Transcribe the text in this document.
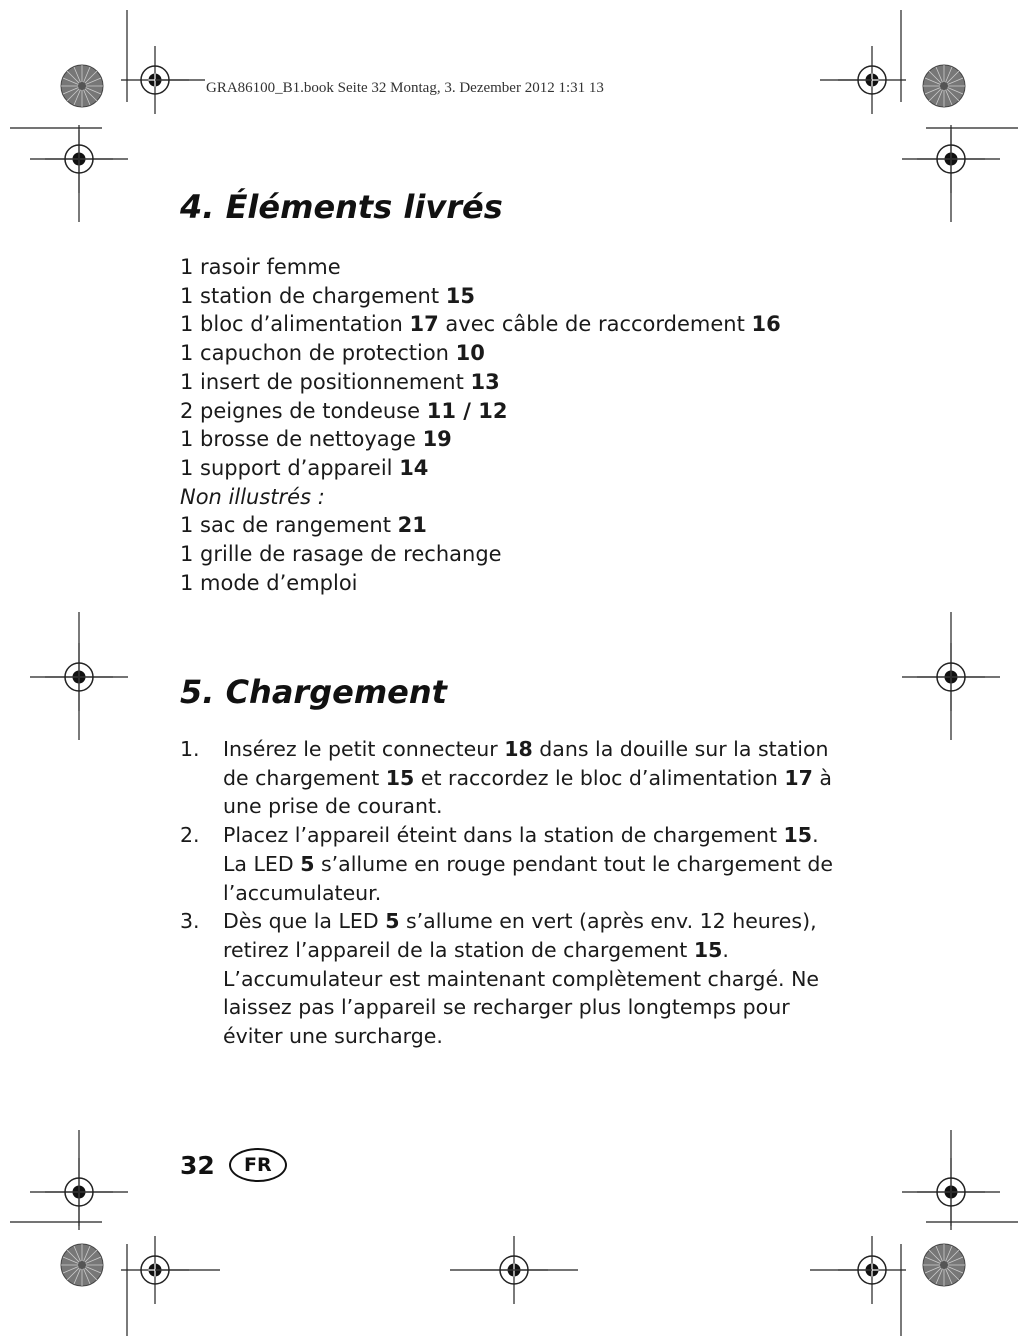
GRA86100_B1.book Seite 32 Montag, 3. Dezember 2012 1:31 13
4. Éléments livrés
1 rasoir femme
1 station de chargement 15
1 bloc d’alimentation 17 avec câble de raccordement 16
1 capuchon de protection 10
1 insert de positionnement 13
2 peignes de tondeuse 11 / 12
1 brosse de nettoyage 19
1 support d’appareil 14
Non illustrés :
1 sac de rangement 21
1 grille de rasage de rechange
1 mode d’emploi
5. Chargement
1. Insérez le petit connecteur 18 dans la douille sur la station de chargement 15 et raccordez le bloc d’alimentation 17 à une prise de courant.
2. Placez l’appareil éteint dans la station de chargement 15. La LED 5 s’allume en rouge pendant tout le chargement de l’accumulateur.
3. Dès que la LED 5 s’allume en vert (après env. 12 heures), retirez l’appareil de la station de chargement 15. L’accumulateur est maintenant complètement chargé. Ne laissez pas l’appareil se recharger plus longtemps pour éviter une surcharge.
32	FR
